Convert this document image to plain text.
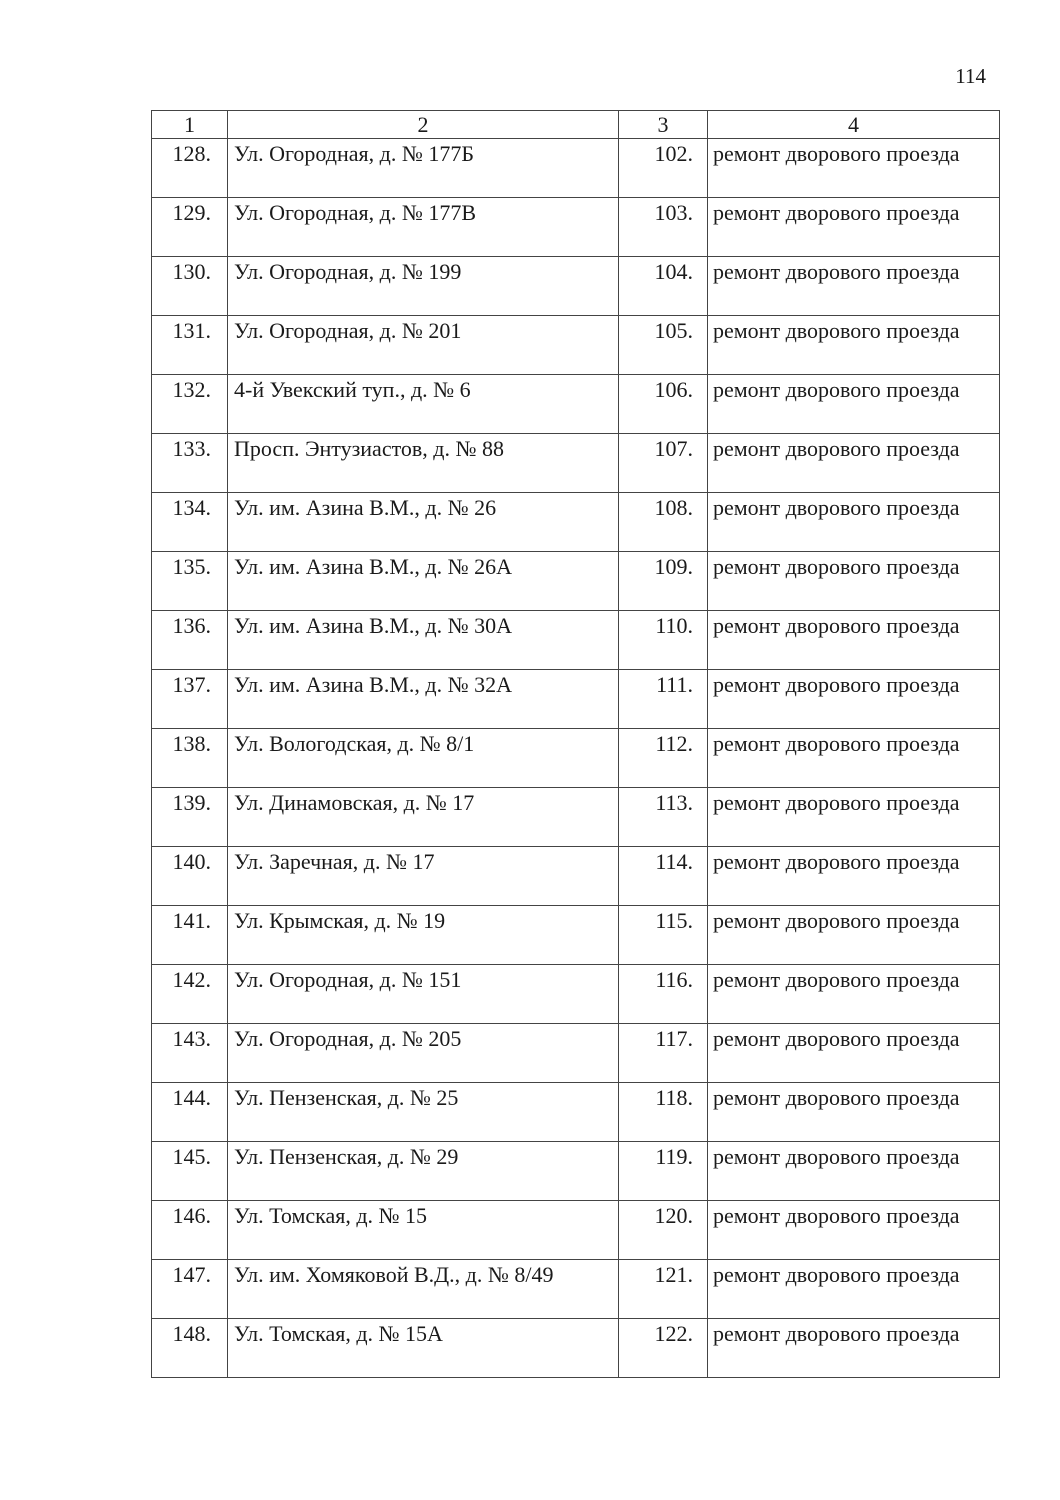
114
1	2	3	4
128.	Ул. Огородная, д. № 177Б	102.	ремонт дворового проезда
129.	Ул. Огородная, д. № 177В	103.	ремонт дворового проезда
130.	Ул. Огородная, д. № 199	104.	ремонт дворового проезда
131.	Ул. Огородная, д. № 201	105.	ремонт дворового проезда
132.	4-й Увекский туп., д. № 6	106.	ремонт дворового проезда
133.	Просп. Энтузиастов, д. № 88	107.	ремонт дворового проезда
134.	Ул. им. Азина В.М., д. № 26	108.	ремонт дворового проезда
135.	Ул. им. Азина В.М., д. № 26А	109.	ремонт дворового проезда
136.	Ул. им. Азина В.М., д. № 30А	110.	ремонт дворового проезда
137.	Ул. им. Азина В.М., д. № 32А	111.	ремонт дворового проезда
138.	Ул. Вологодская, д. № 8/1	112.	ремонт дворового проезда
139.	Ул. Динамовская, д. № 17	113.	ремонт дворового проезда
140.	Ул. Заречная, д. № 17	114.	ремонт дворового проезда
141.	Ул. Крымская, д. № 19	115.	ремонт дворового проезда
142.	Ул. Огородная, д. № 151	116.	ремонт дворового проезда
143.	Ул. Огородная, д. № 205	117.	ремонт дворового проезда
144.	Ул. Пензенская, д. № 25	118.	ремонт дворового проезда
145.	Ул. Пензенская, д. № 29	119.	ремонт дворового проезда
146.	Ул. Томская, д. № 15	120.	ремонт дворового проезда
147.	Ул. им. Хомяковой В.Д., д. № 8/49	121.	ремонт дворового проезда
148.	Ул. Томская, д. № 15А	122.	ремонт дворового проезда
